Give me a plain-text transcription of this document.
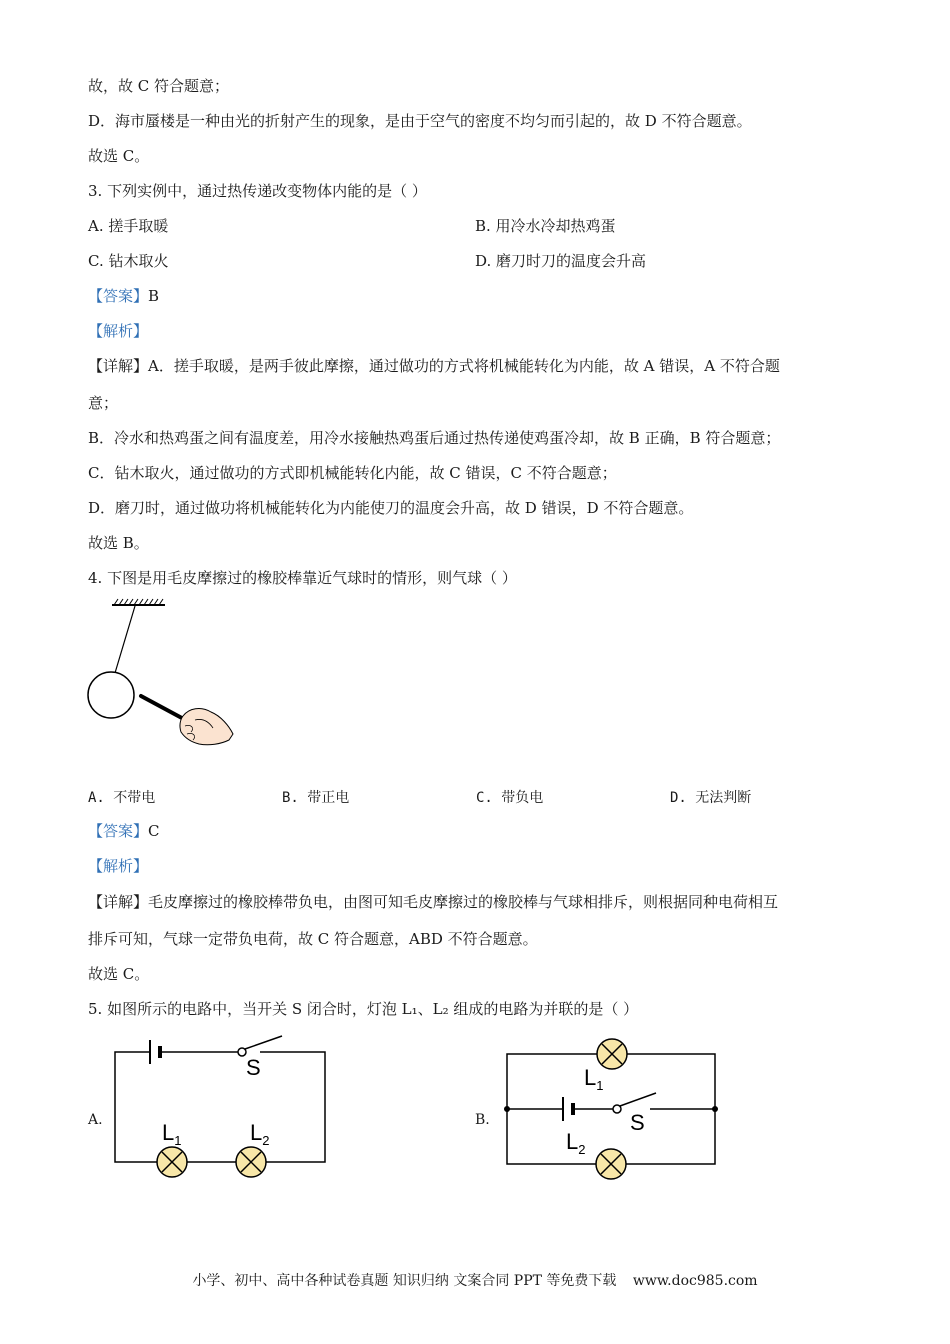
故，故 C 符合题意；
D．海市蜃楼是一种由光的折射产生的现象，是由于空气的密度不均匀而引起的，故 D 不符合题意。
故选 C。
3. 下列实例中，通过热传递改变物体内能的是（ ）
A. 搓手取暖	B. 用冷水冷却热鸡蛋
C. 钻木取火	D. 磨刀时刀的温度会升高
【答案】B
【解析】
【详解】A．搓手取暖，是两手彼此摩擦，通过做功的方式将机械能转化为内能，故 A 错误，A 不符合题
意；
B．冷水和热鸡蛋之间有温度差，用冷水接触热鸡蛋后通过热传递使鸡蛋冷却，故 B 正确，B 符合题意；
C．钻木取火，通过做功的方式即机械能转化内能，故 C 错误，C 不符合题意；
D．磨刀时，通过做功将机械能转化为内能使刀的温度会升高，故 D 错误，D 不符合题意。
故选 B。
4. 下图是用毛皮摩擦过的橡胶棒靠近气球时的情形，则气球（ ）
A. 不带电	B. 带正电	C. 带负电	D. 无法判断
【答案】C
【解析】
【详解】毛皮摩擦过的橡胶棒带负电，由图可知毛皮摩擦过的橡胶棒与气球相排斥，则根据同种电荷相互
排斥可知，气球一定带负电荷，故 C 符合题意，ABD 不符合题意。
故选 C。
5. 如图所示的电路中，当开关 S 闭合时，灯泡 L₁、L₂ 组成的电路为并联的是（ ）
A.
S
$L_1$	$L_2$
B.	S
$L_1$
$L_2$
小学、初中、高中各种试卷真题 知识归纳 文案合同 PPT 等免费下载 www.doc985.com
